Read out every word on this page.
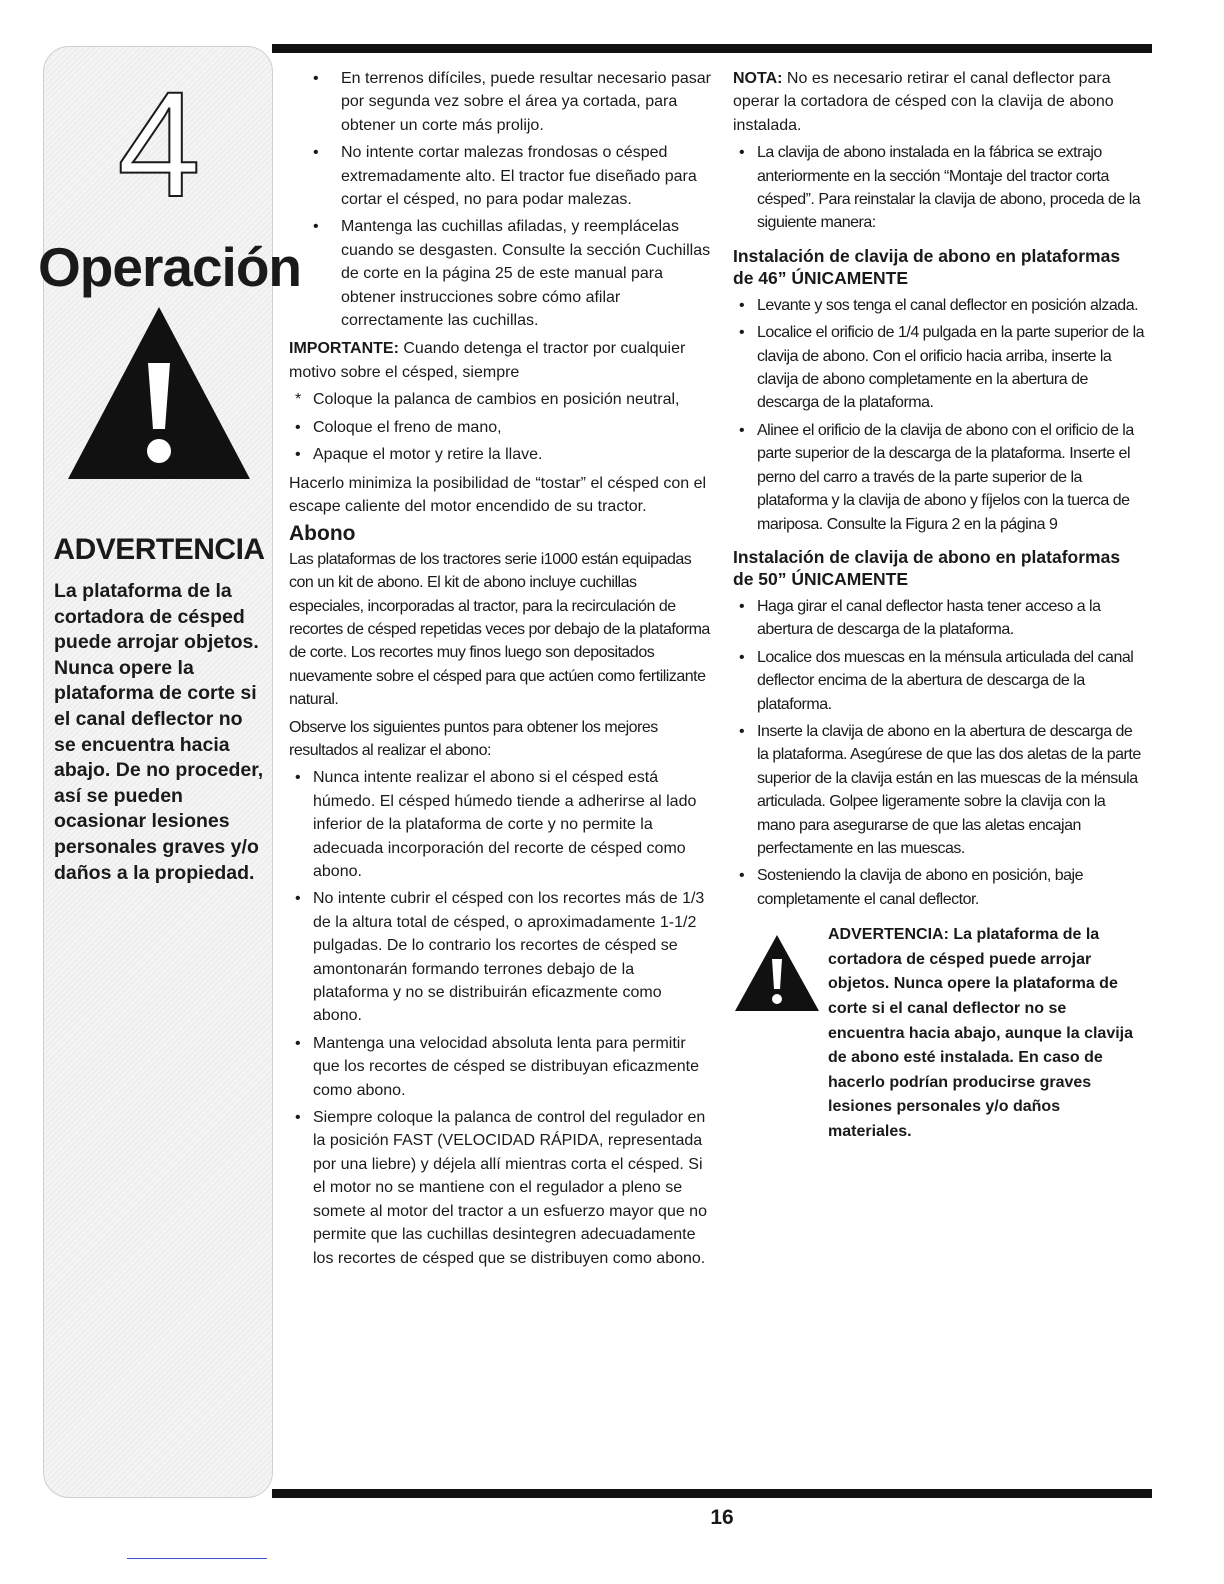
4
Operación
ADVERTENCIA
La plataforma de la cortadora de césped puede arrojar objetos. Nunca opere la plataforma de corte si el canal deflector no se encuentra hacia abajo. De no proceder, así se pueden ocasionar lesiones personales graves y/o daños a la propiedad.
• En terrenos difíciles, puede resultar necesario pasar por segunda vez sobre el área ya cortada, para obtener un corte más prolijo.
• No intente cortar malezas frondosas o césped extremadamente alto. El tractor fue diseñado para cortar el césped, no para podar malezas.
• Mantenga las cuchillas afiladas, y reemplácelas cuando se desgasten. Consulte la sección Cuchillas de corte en la página 25 de este manual para obtener instrucciones sobre cómo afilar correctamente las cuchillas.

IMPORTANTE: Cuando detenga el tractor por cualquier motivo sobre el césped, siempre

* Coloque la palanca de cambios en posición neutral,
• Coloque el freno de mano,
• Apaque el motor y retire la llave.

Hacerlo minimiza la posibilidad de “tostar” el césped con el escape caliente del motor encendido de su tractor.

Abono

Las plataformas de los tractores serie i1000 están equipadas con un kit de abono. El kit de abono incluye cuchillas especiales, incorporadas al tractor, para la recirculación de recortes de césped repetidas veces por debajo de la plataforma de corte. Los recortes muy finos luego son depositados nuevamente sobre el césped para que actúen como fertilizante natural.

Observe los siguientes puntos para obtener los mejores resultados al realizar el abono:

• Nunca intente realizar el abono si el césped está húmedo. El césped húmedo tiende a adherirse al lado inferior de la plataforma de corte y no permite la adecuada incorporación del recorte de césped como abono.
• No intente cubrir el césped con los recortes más de 1/3 de la altura total de césped, o aproximadamente 1-1/2 pulgadas. De lo contrario los recortes de césped se amontonarán formando terrones debajo de la plataforma y no se distribuirán eficazmente como abono.
• Mantenga una velocidad absoluta lenta para permitir que los recortes de césped se distribuyan eficazmente como abono.
• Siempre coloque la palanca de control del regulador en la posición FAST (VELOCIDAD RÁPIDA, representada por una liebre) y déjela allí mientras corta el césped. Si el motor no se mantiene con el regulador a pleno se somete al motor del tractor a un esfuerzo mayor que no permite que las cuchillas desintegren adecuadamente los recortes de césped que se distribuyen como abono.

NOTA: No es necesario retirar el canal deflector para operar la cortadora de césped con la clavija de abono instalada.

• La clavija de abono instalada en la fábrica se extrajo anteriormente en la sección “Montaje del tractor corta césped”. Para reinstalar la clavija de abono, proceda de la siguiente manera:
Instalación de clavija de abono en plataformas de 46” ÚNICAMENTE
• Levante y sos tenga el canal deflector en posición alzada.
• Localice el orificio de 1/4 pulgada en la parte superior de la clavija de abono. Con el orificio hacia arriba, inserte la clavija de abono completamente en la abertura de descarga de la plataforma.
• Alinee el orificio de la clavija de abono con el orificio de la parte superior de la descarga de la plataforma. Inserte el perno del carro a través de la parte superior de la plataforma y la clavija de abono y fíjelos con la tuerca de mariposa. Consulte la Figura 2 en la página 9
Instalación de clavija de abono en plataformas de 50” ÚNICAMENTE
• Haga girar el canal deflector hasta tener acceso a la abertura de descarga de la plataforma.
• Localice dos muescas en la ménsula articulada del canal deflector encima de la abertura de descarga de la plataforma.
• Inserte la clavija de abono en la abertura de descarga de la plataforma. Asegúrese de que las dos aletas de la parte superior de la clavija están en las muescas de la ménsula articulada. Golpee ligeramente sobre la clavija con la mano para asegurarse de que las aletas encajan perfectamente en las muescas.
• Sosteniendo la clavija de abono en posición, baje completamente el canal deflector.

ADVERTENCIA: La plataforma de la cortadora de césped puede arrojar objetos. Nunca opere la plataforma de corte si el canal deflector no se encuentra hacia abajo, aunque la clavija de abono esté instalada. En caso de hacerlo podrían producirse graves lesiones personales y/o daños materiales.

16
